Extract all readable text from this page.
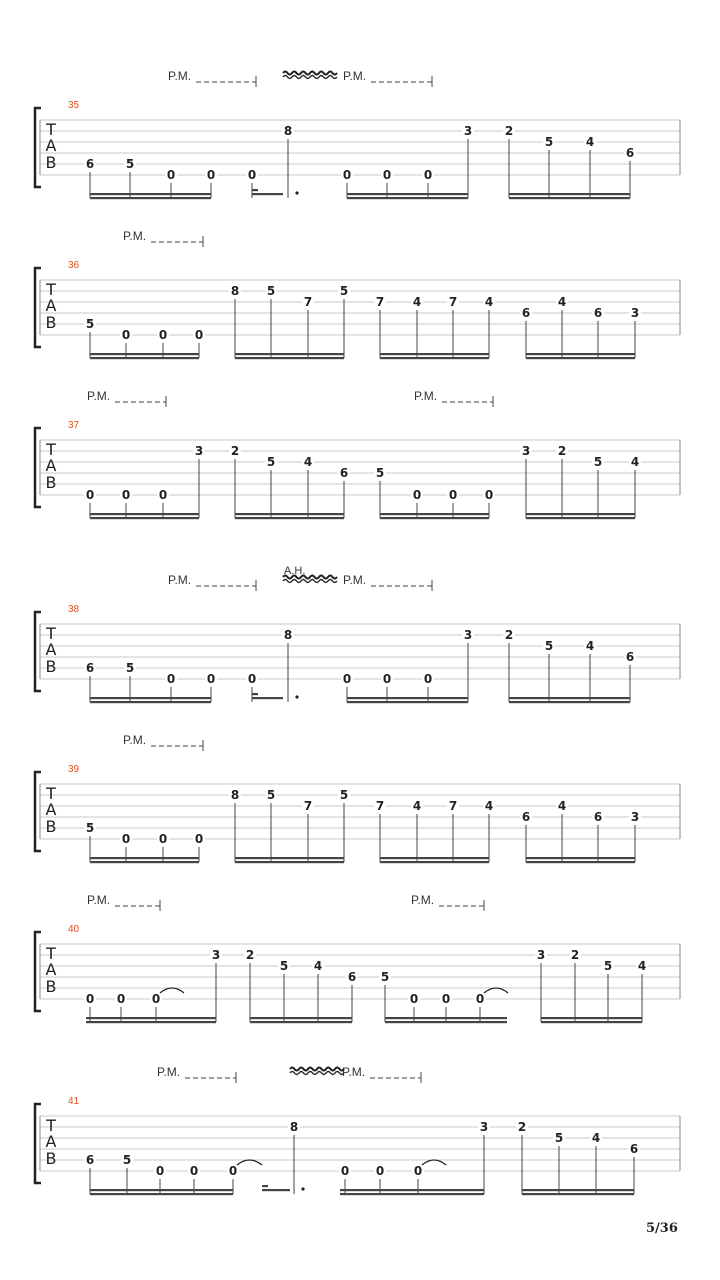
T
A
B
35
P.M.	P.M.
6	5
0	0	0
8
0	0	0
3	2
5	4
6
T
A
B
36
P.M.
5
0 0 0
8 5
7
5
7 4 7 4
6
4
6 3
T
A
B
37
P.M.	P.M.
0 0 0
3 2
5 4
6 5
0 0 0
3 2
5 4
T
A
B
38
P.M.	P.M.
A.H.
6	5
0	0	0
8
0	0	0
3	2
5	4
6
T
A
B
39
P.M.
5
0 0 0
8 5
7
5
7 4 7 4
6
4
6 3
T
A
B
40
P.M.	P.M.
0 0 0
3 2
5 4
6 5
0 0 0
3 2
5 4
T
A
B
41
P.M.	P.M.
6 5
0 0	0
8
0 0 0
3 2
5 4
6
5/36
